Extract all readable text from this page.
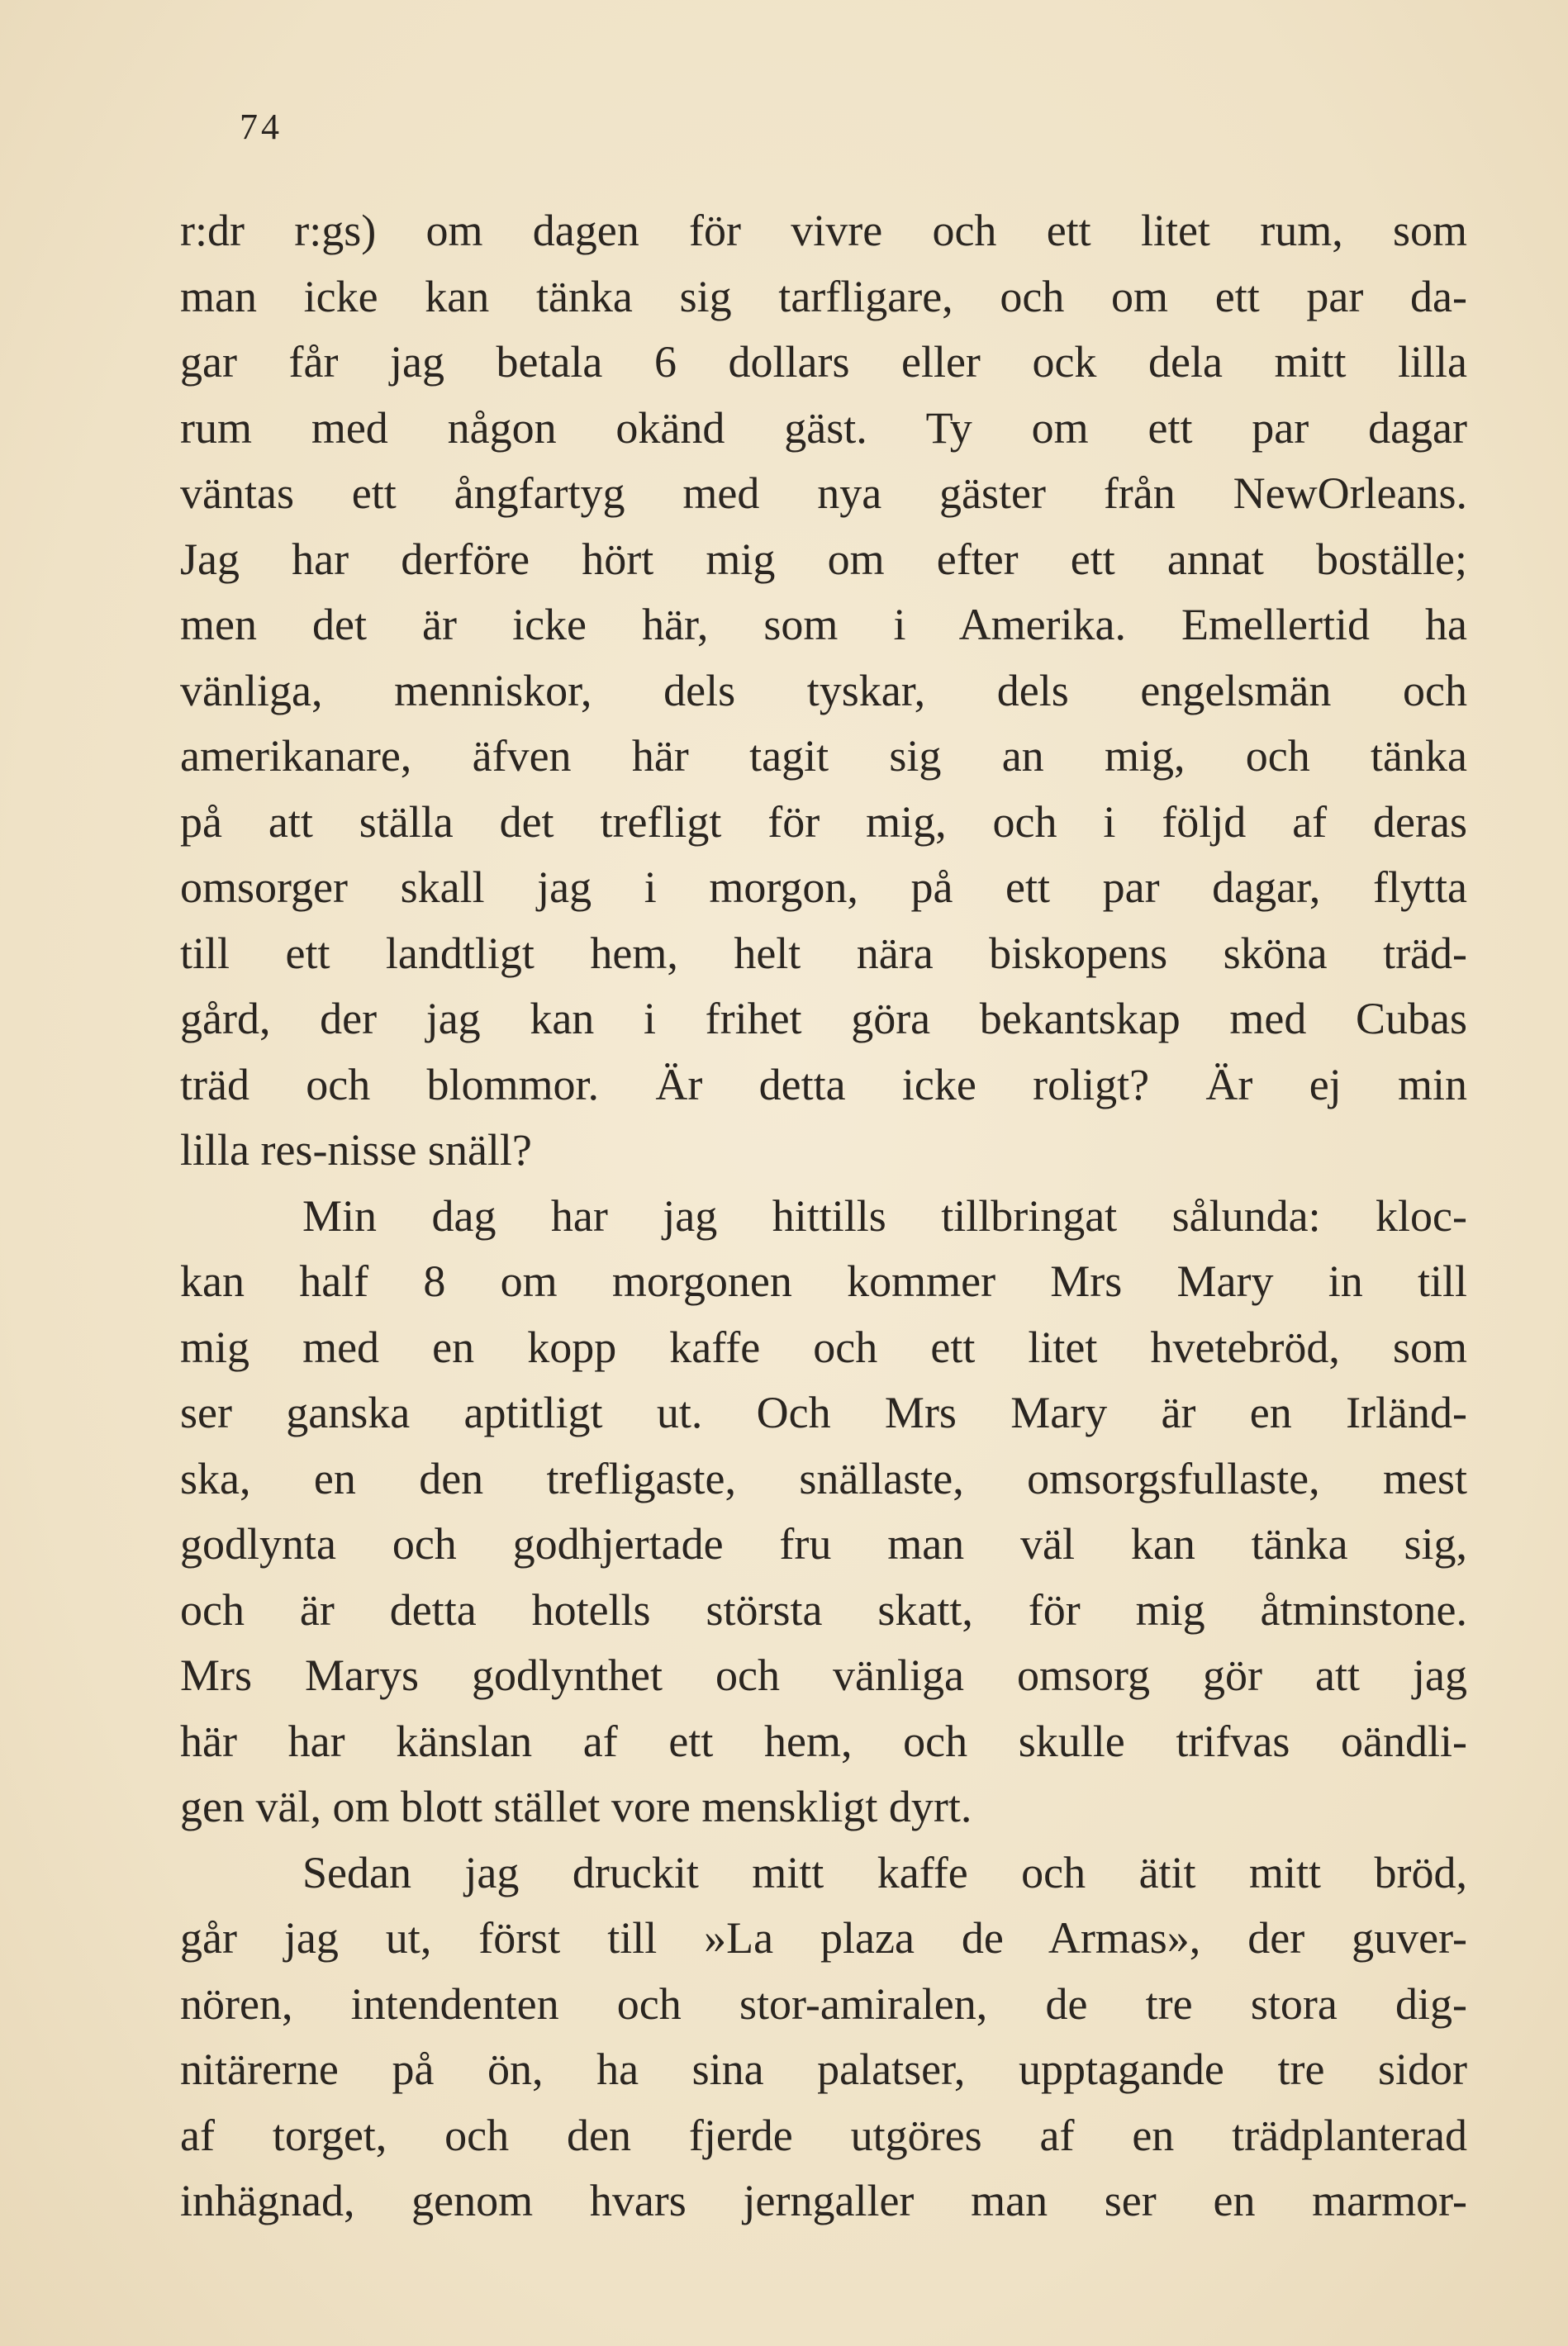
74
r:dr r:gs) om dagen för vivre och ett litet rum, som
man icke kan tänka sig tarfligare, och om ett par da-
gar får jag betala 6 dollars eller ock dela mitt lilla
rum med någon okänd gäst. Ty om ett par dagar
väntas ett ångfartyg med nya gäster från NewOrleans.
Jag har derföre hört mig om efter ett annat boställe;
men det är icke här, som i Amerika. Emellertid ha
vänliga, menniskor, dels tyskar, dels engelsmän och
amerikanare, äfven här tagit sig an mig, och tänka
på att ställa det trefligt för mig, och i följd af deras
omsorger skall jag i morgon, på ett par dagar, flytta
till ett landtligt hem, helt nära biskopens sköna träd-
gård, der jag kan i frihet göra bekantskap med Cubas
träd och blommor. Är detta icke roligt? Är ej min
lilla res-nisse snäll?
Min dag har jag hittills tillbringat sålunda: kloc-
kan half 8 om morgonen kommer Mrs Mary in till
mig med en kopp kaffe och ett litet hvetebröd, som
ser ganska aptitligt ut. Och Mrs Mary är en Irländ-
ska, en den trefligaste, snällaste, omsorgsfullaste, mest
godlynta och godhjertade fru man väl kan tänka sig,
och är detta hotells största skatt, för mig åtminstone.
Mrs Marys godlynthet och vänliga omsorg gör att jag
här har känslan af ett hem, och skulle trifvas oändli-
gen väl, om blott stället vore menskligt dyrt.
Sedan jag druckit mitt kaffe och ätit mitt bröd,
går jag ut, först till »La plaza de Armas», der guver-
nören, intendenten och stor-amiralen, de tre stora dig-
nitärerne på ön, ha sina palatser, upptagande tre sidor
af torget, och den fjerde utgöres af en trädplanterad
inhägnad, genom hvars jerngaller man ser en marmor-
